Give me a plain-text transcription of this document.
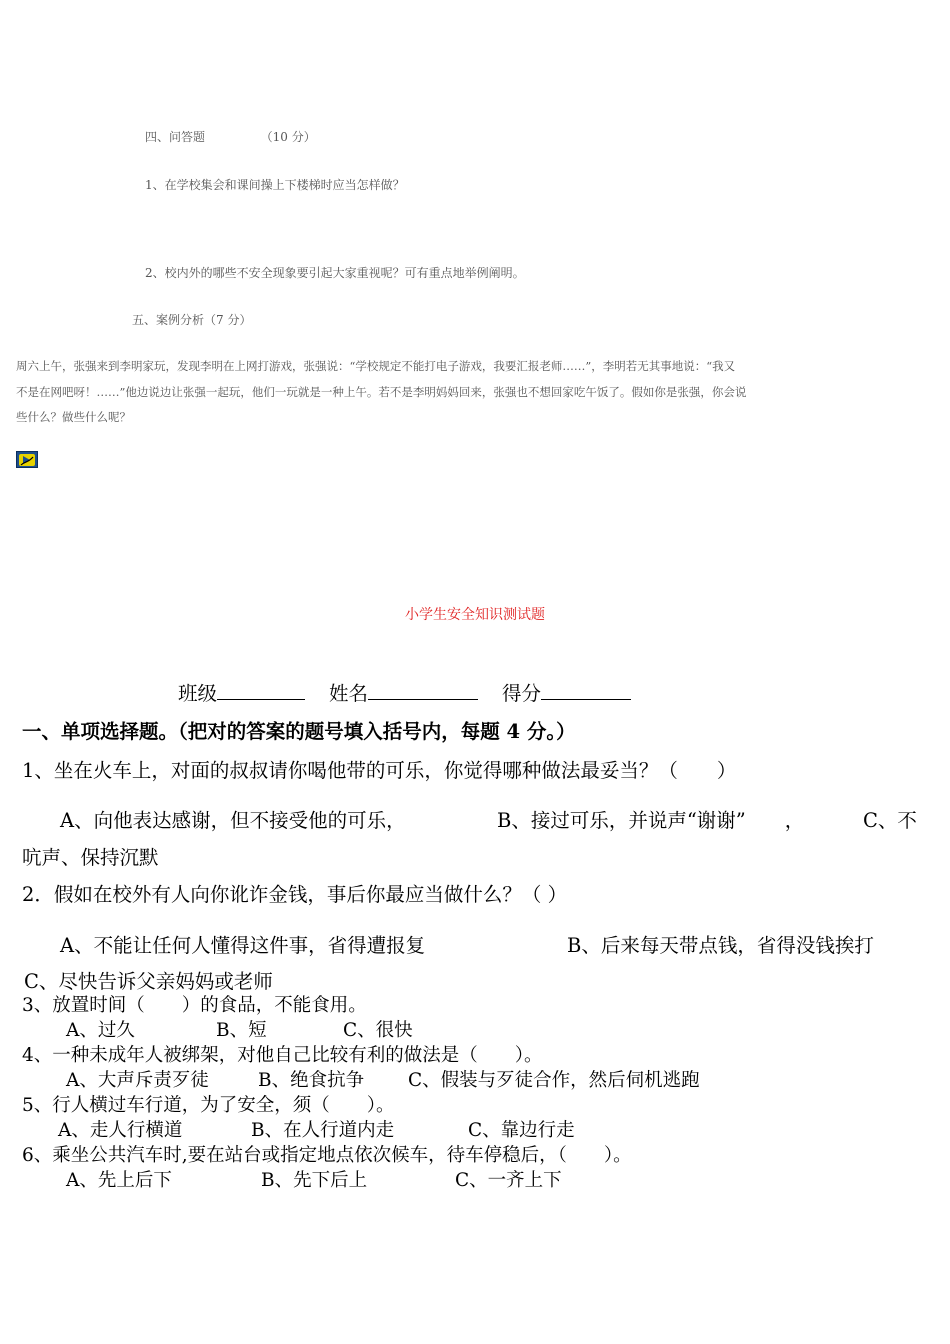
四、问答题	（10 分）
1、在学校集会和课间操上下楼梯时应当怎样做？
2、校内外的哪些不安全现象要引起大家重视呢？可有重点地举例阐明。
五、案例分析（7 分）
周六上午，张强来到李明家玩，发现李明在上网打游戏，张强说：“学校规定不能打电子游戏，我要汇报老师……”，李明若无其事地说：“我又
不是在网吧呀！……”他边说边让张强一起玩，他们一玩就是一种上午。若不是李明妈妈回来，张强也不想回家吃午饭了。假如你是张强，你会说
些什么？做些什么呢？
小学生安全知识测试题
班级	姓名	得分
一、单项选择题。（把对的答案的题号填入括号内，每题 4 分。）
1、坐在火车上，对面的叔叔请你喝他带的可乐，你觉得哪种做法最妥当？（　　）
A、向他表达感谢，但不接受他的可乐，	B、接过可乐，并说声“谢谢”　　，	C、不
吭声、保持沉默
2．假如在校外有人向你讹诈金钱，事后你最应当做什么？（ ）
A、不能让任何人懂得这件事，省得遭报复	B、后来每天带点钱，省得没钱挨打
C、尽快告诉父亲妈妈或老师
3、放置时间（　　）的食品，不能食用。
A、过久	B、短	C、很快
4、一种未成年人被绑架，对他自己比较有利的做法是（　　）。
A、大声斥责歹徒	B、绝食抗争 C、假装与歹徒合作，然后伺机逃跑
5、行人横过车行道，为了安全，须（　　）。
A、走人行横道	B、在人行道内走	C、靠边行走
6、乘坐公共汽车时,要在站台或指定地点依次候车，待车停稳后，（　　）。
A、先上后下	B、先下后上	C、一齐上下
